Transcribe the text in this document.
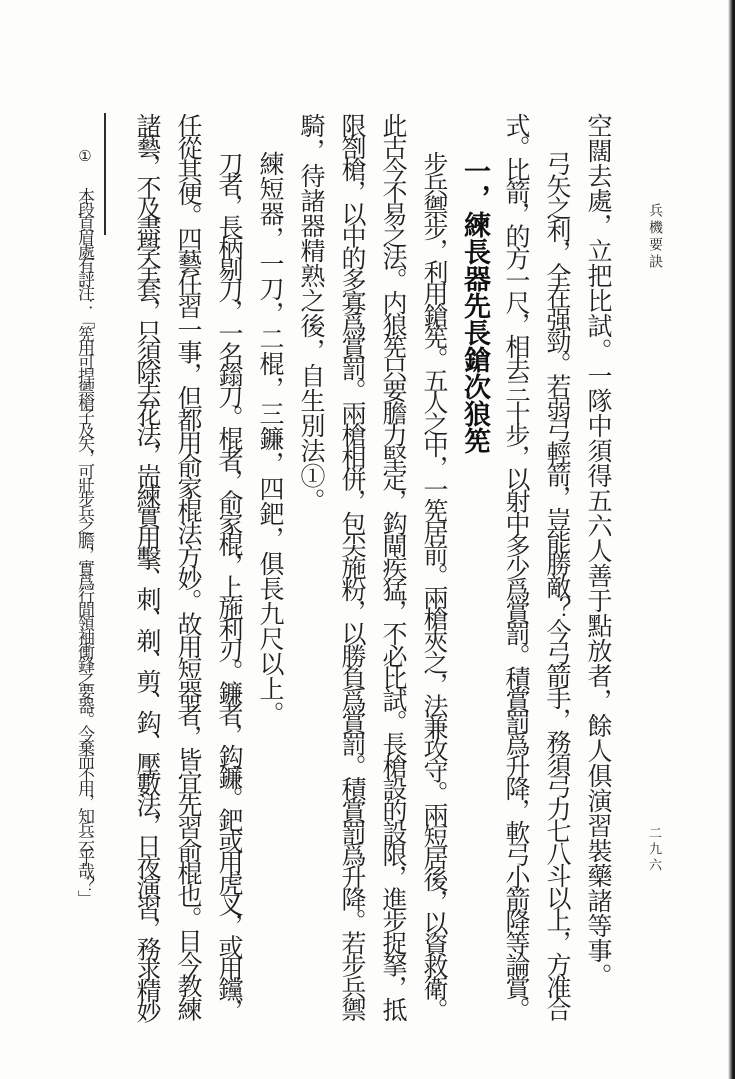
兵機要訣
二九六
空闊去處，立把比試。一隊中須得五六人善于點放者，餘人俱演習裝藥諸等事。
弓矢之利，全在强勁。若弱弓輕箭，豈能勝敵？今弓箭手，務須弓力七八斗以上，方准合
式。比箭，的方一尺，相去三十步，以射中多少爲賞罰。積賞罰爲升降，軟弓小箭降等論賞。
一，練長器先長鎗次狼筅
步兵禦步，利用鎗筅。五人之中，一筅居前。兩槍夾之，法兼攻守。兩短居後，以資救衛。
此古今不易之法。内狼筅只要膽力堅定，鈎閘疾猛，不必比試。長槍設的設限，進步捉拏，抵
限劄槍，以中的多寡爲賞罰。兩槍相併，包尖施粉，以勝負爲賞罰。積賞罰爲升降。若步兵禦
騎，待諸器精熟之後，自生別法①。
練短器，一刀，二棍，三鐮，四鈀，俱長九尺以上。
刀者，長柄剔刀，一名鎓刀。棍者，俞家棍，上施利刃。鐮者，鈎鐮。鈀或用虎叉，或用钂，
任從其便。四藝任習一事，但都用俞家棍法方妙。故用短器者，皆宜先習俞棍也。目今教練
諸藝，不及盡學全套，只須除去花法，耑練實用擊、刺、剃、剪、鈎、壓數法，日夜演習，務求精妙
①本段頁眉處有評注：「筅用可捍禦槍子及矢，可壯步兵之膽，實爲行間領袖衝鋒之要器。今棄而不用，知兵云乎哉？」
